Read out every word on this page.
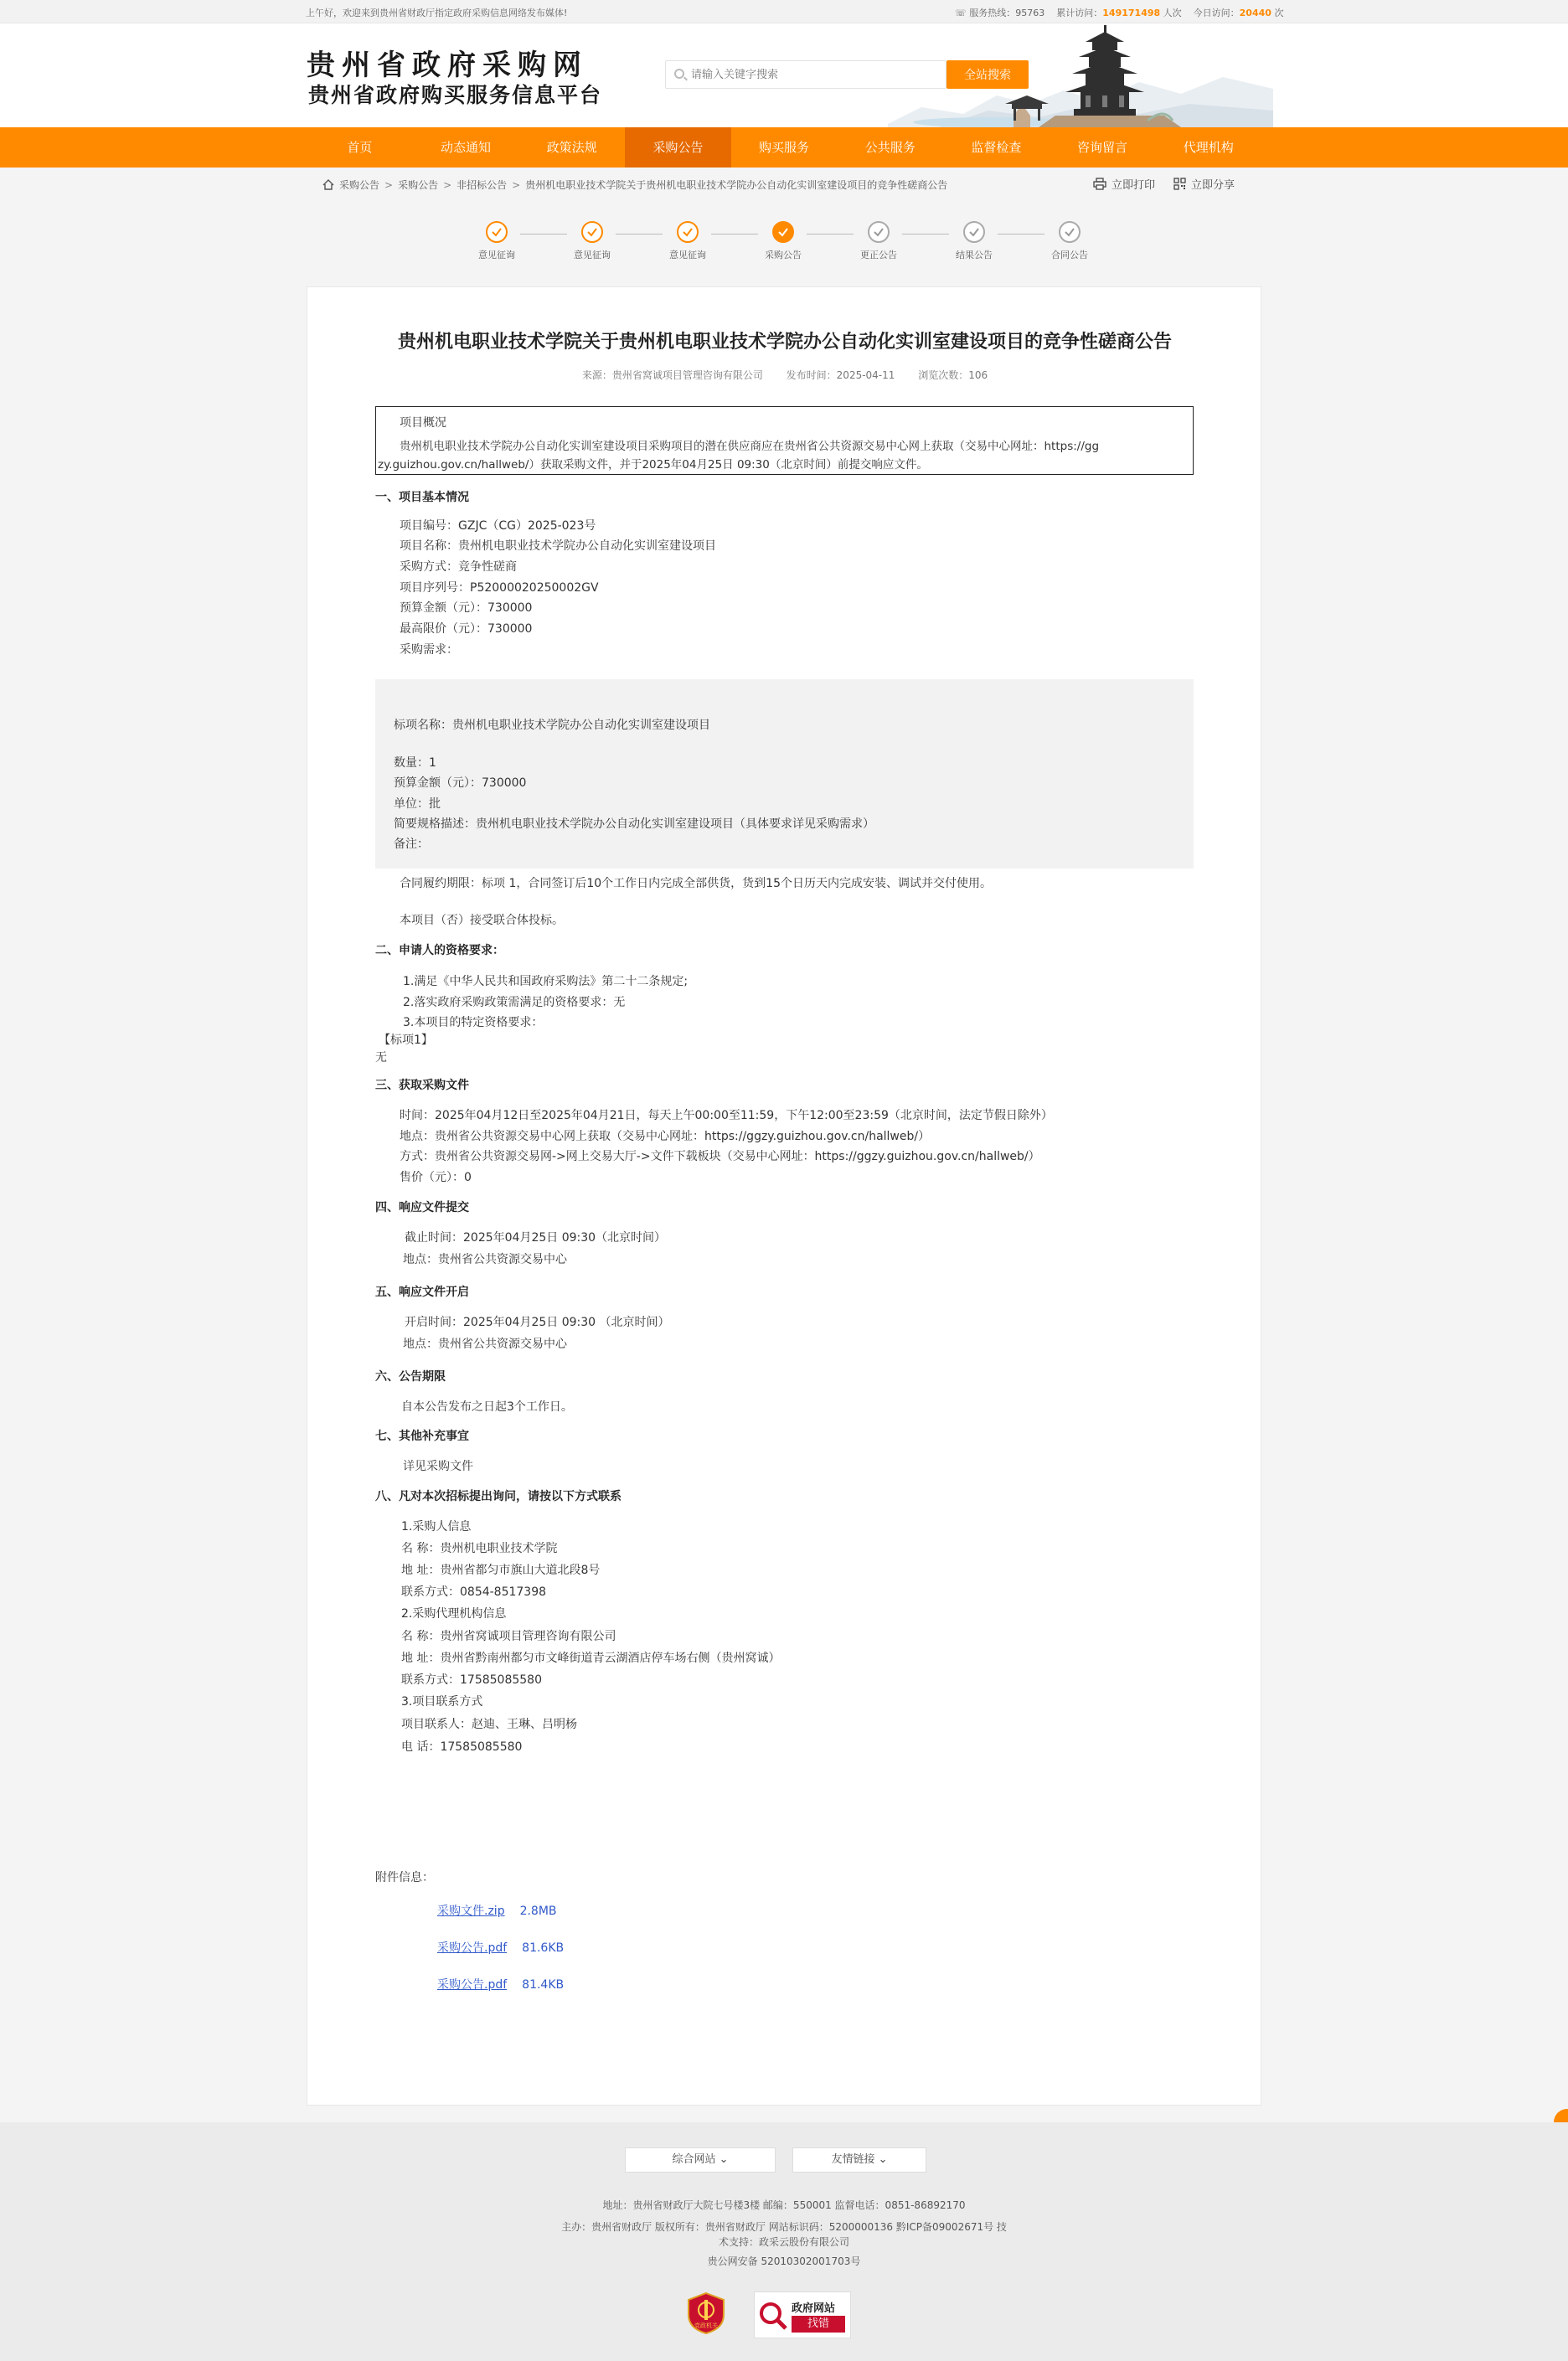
上午好，欢迎来到贵州省财政厅指定政府采购信息网络发布媒体!	☏ 服务热线：95763 累计访问：149171498 人次 今日访问：20440 次
贵州省政府采购网
贵州省政府购买服务信息平台
请输入关键字搜索
全站搜索
首页	动态通知	政策法规	采购公告	购买服务	公共服务	监督检查	咨询留言	代理机构
采购公告 > 采购公告 > 非招标公告 > 贵州机电职业技术学院关于贵州机电职业技术学院办公自动化实训室建设项目的竞争性磋商公告	立即打印	立即分享
意见征询	意见征询	意见征询	采购公告	更正公告	结果公告	合同公告
贵州机电职业技术学院关于贵州机电职业技术学院办公自动化实训室建设项目的竞争性磋商公告
来源：贵州省窝诚项目管理咨询有限公司 发布时间：2025-04-11 浏览次数：106
项目概况
贵州机电职业技术学院办公自动化实训室建设项目采购项目的潜在供应商应在贵州省公共资源交易中心网上获取（交易中心网址：https://gg
zy.guizhou.gov.cn/hallweb/）获取采购文件，并于2025年04月25日 09:30（北京时间）前提交响应文件。
一、项目基本情况
项目编号：GZJC（CG）2025-023号
项目名称：贵州机电职业技术学院办公自动化实训室建设项目
采购方式：竞争性磋商
项目序列号：P52000020250002GV
预算金额（元）：730000
最高限价（元）：730000
采购需求：
标项名称：贵州机电职业技术学院办公自动化实训室建设项目
数量：1
预算金额（元）：730000
单位：批
简要规格描述：贵州机电职业技术学院办公自动化实训室建设项目（具体要求详见采购需求）
备注：
合同履约期限：标项 1，合同签订后10个工作日内完成全部供货，货到15个日历天内完成安装、调试并交付使用。
本项目（否）接受联合体投标。
二、申请人的资格要求：
1.满足《中华人民共和国政府采购法》第二十二条规定;
2.落实政府采购政策需满足的资格要求：无
3.本项目的特定资格要求：
【标项1】
无
三、获取采购文件
时间：2025年04月12日至2025年04月21日，每天上午00:00至11:59，下午12:00至23:59（北京时间，法定节假日除外）
地点：贵州省公共资源交易中心网上获取（交易中心网址：https://ggzy.guizhou.gov.cn/hallweb/）
方式：贵州省公共资源交易网->网上交易大厅->文件下载板块（交易中心网址：https://ggzy.guizhou.gov.cn/hallweb/）
售价（元）：0
四、响应文件提交
截止时间：2025年04月25日 09:30（北京时间）
地点：贵州省公共资源交易中心
五、响应文件开启
开启时间：2025年04月25日 09:30 （北京时间）
地点：贵州省公共资源交易中心
六、公告期限
自本公告发布之日起3个工作日。
七、其他补充事宜
详见采购文件
八、凡对本次招标提出询问，请按以下方式联系
1.采购人信息
名 称：贵州机电职业技术学院
地 址：贵州省都匀市旗山大道北段8号
联系方式：0854-8517398
2.采购代理机构信息
名 称：贵州省窝诚项目管理咨询有限公司
地 址：贵州省黔南州都匀市文峰街道青云湖酒店停车场右侧（贵州窝诚）
联系方式：17585085580
3.项目联系方式
项目联系人：赵迪、王琳、吕明杨
电 话：17585085580
附件信息：
采购文件.zip 2.8MB
采购公告.pdf 81.6KB
采购公告.pdf 81.4KB
综合网站 ⌄	友情链接 ⌄
地址：贵州省财政厅大院七号楼3楼 邮编：550001 监督电话：0851-86892170
主办：贵州省财政厅 版权所有：贵州省财政厅 网站标识码：5200000136 黔ICP备09002671号 技
术支持：政采云股份有限公司
贵公网安备 52010302001703号
党政机关
政府网站
找错
